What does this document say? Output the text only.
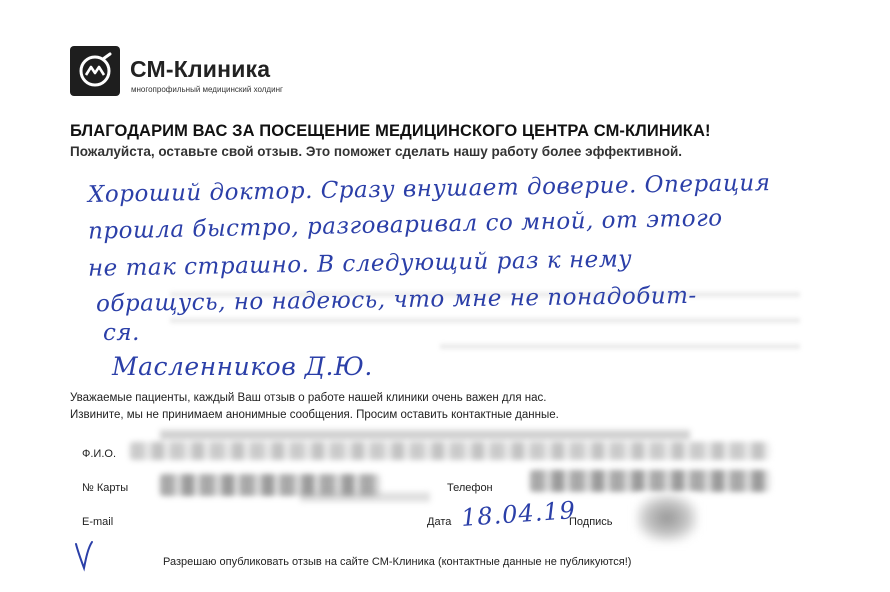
СМ-Клиника
многопрофильный медицинский холдинг
БЛАГОДАРИМ ВАС ЗА ПОСЕЩЕНИЕ МЕДИЦИНСКОГО ЦЕНТРА СМ-КЛИНИКА!
Пожалуйста, оставьте свой отзыв. Это поможет сделать нашу работу более эффективной.
Хороший доктор. Сразу внушает доверие. Операция
прошла быстро, разговаривал со мной, от этого
не так страшно. В следующий раз к нему
обращусь, но надеюсь, что мне не понадобит-
ся.
Масленников Д.Ю.
Уважаемые пациенты, каждый Ваш отзыв о работе нашей клиники очень важен для нас.
Извините, мы не принимаем анонимные сообщения. Просим оставить контактные данные.
Ф.И.О.
№ Карты	Телефон
E-mail	Дата 18.04.19
Подпись
Разрешаю опубликовать отзыв на сайте СМ-Клиника (контактные данные не публикуются!)
